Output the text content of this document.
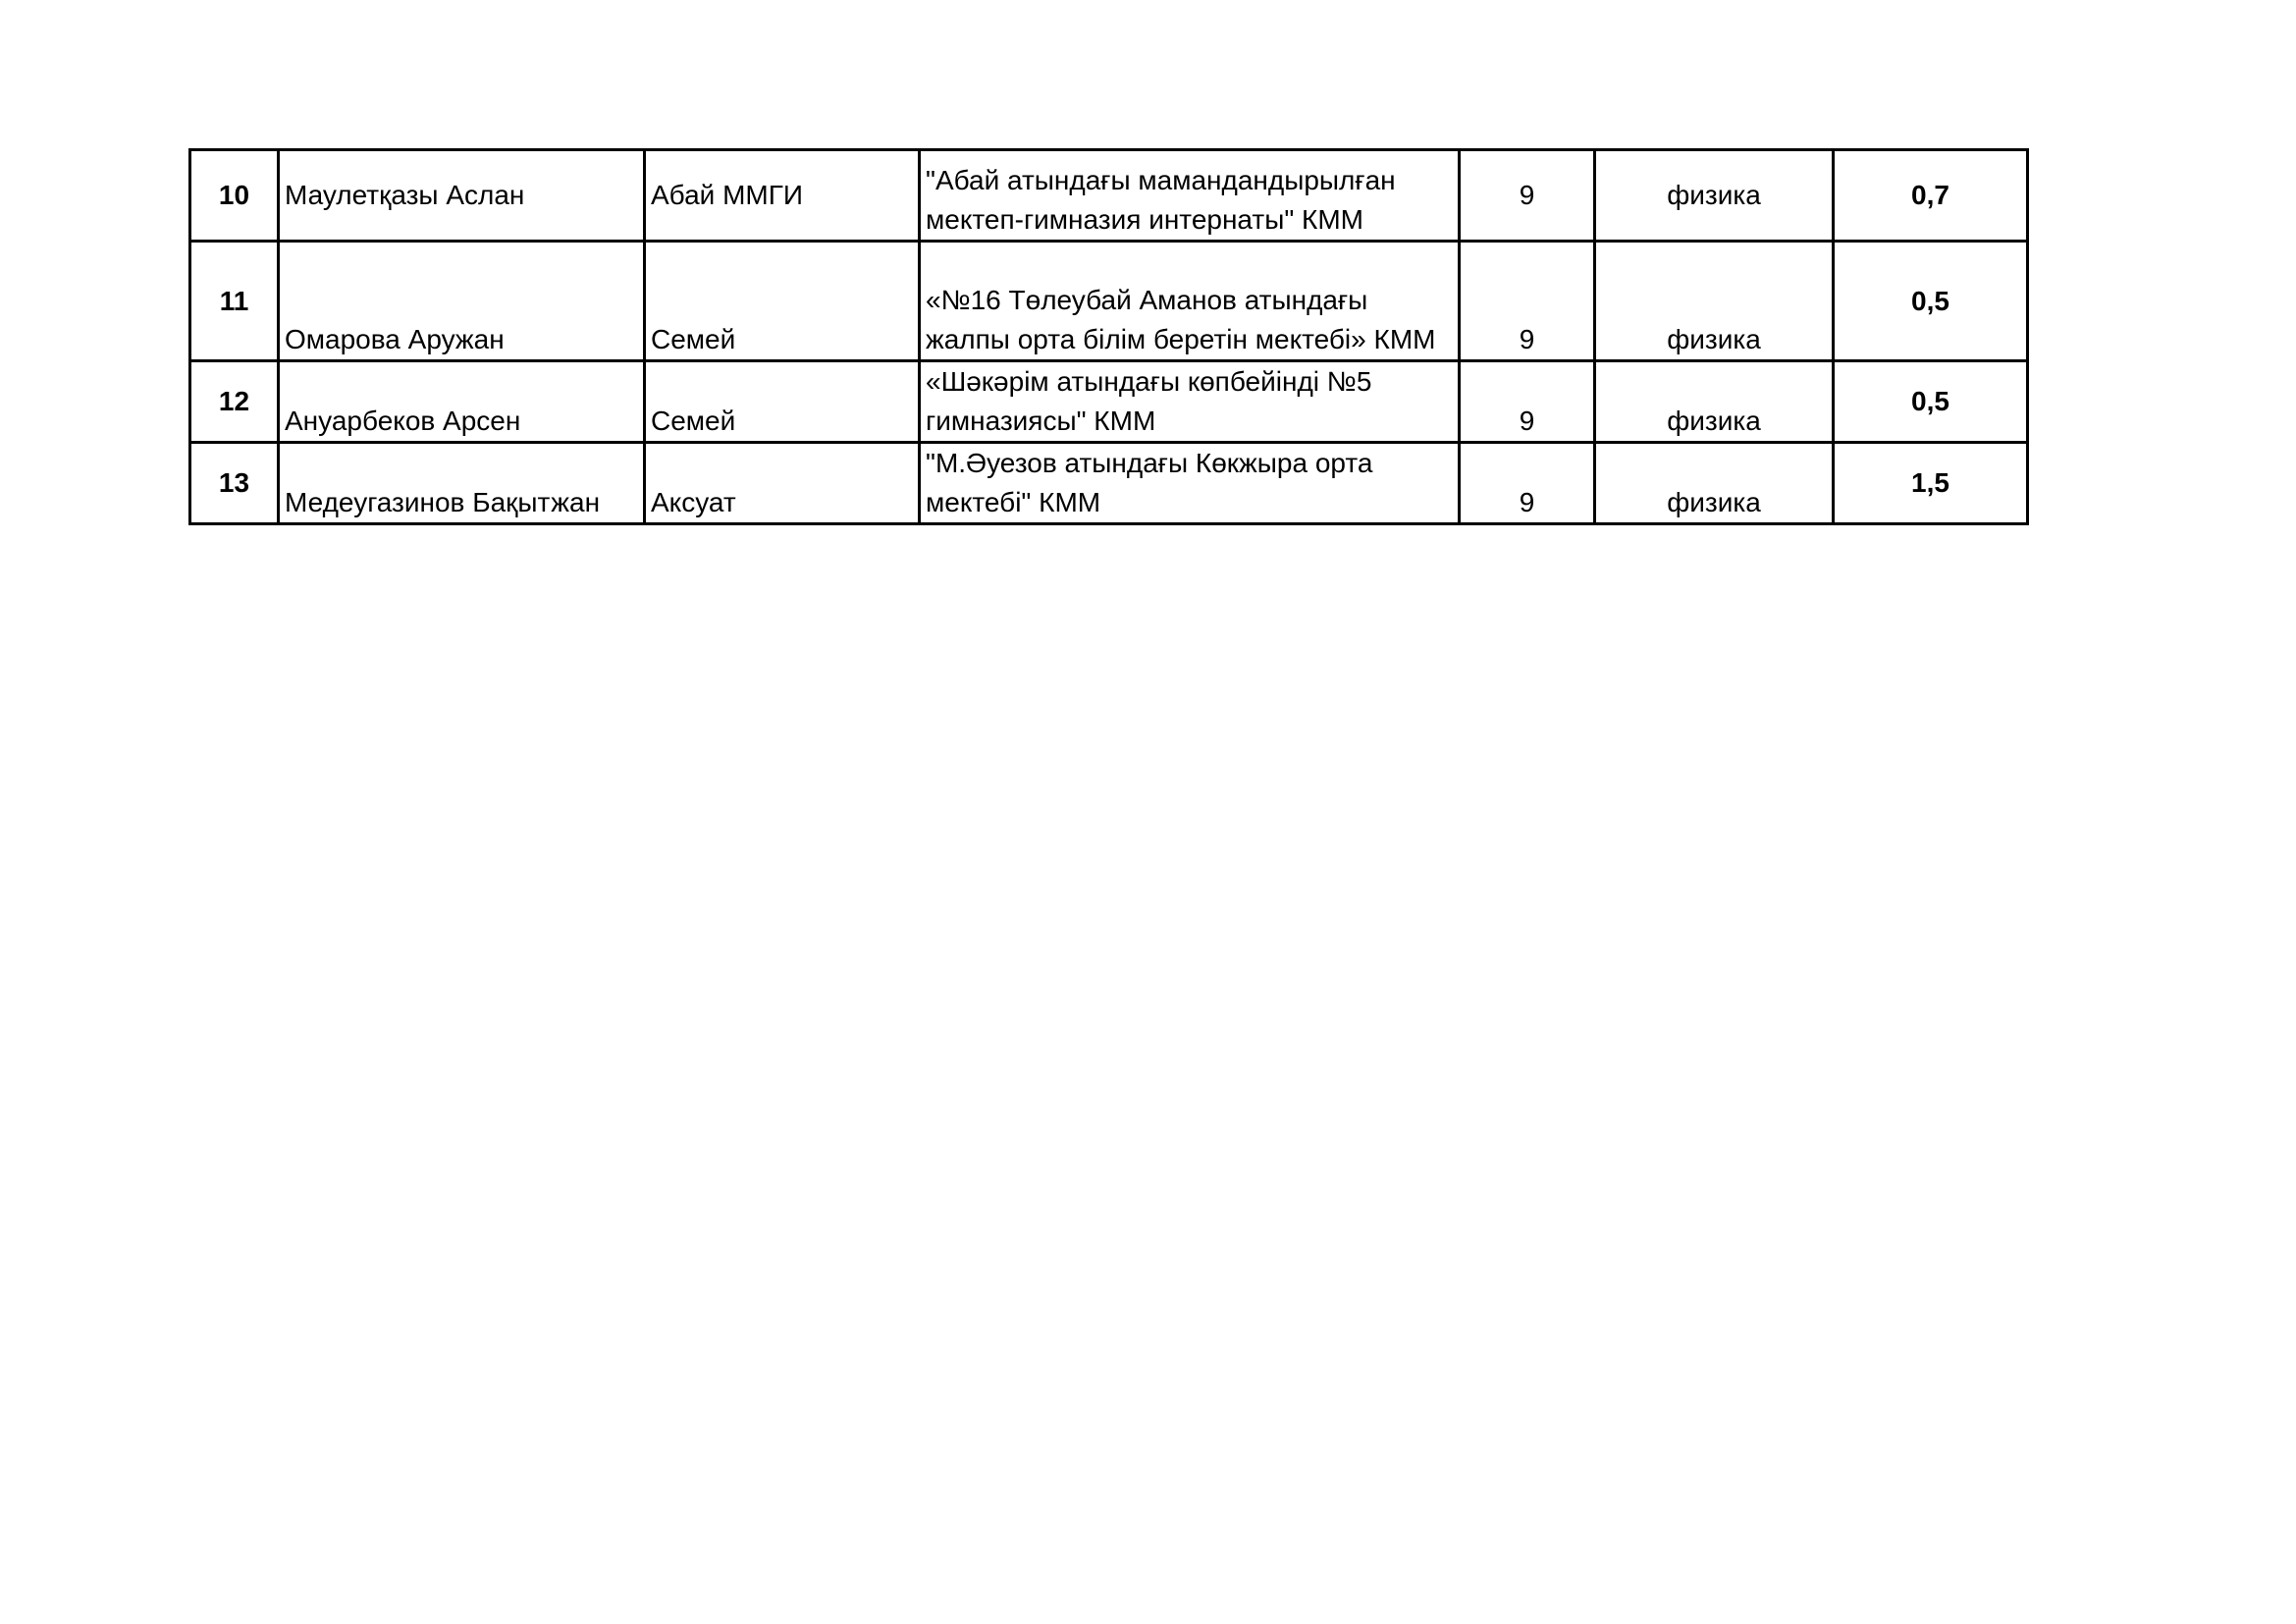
10	Маулетқазы Аслан	Абай ММГИ	"Абай атындағы мамандандырылған
мектеп-гимназия интернаты" КММ	9	физика	0,7
11	Омарова Аружан	Семей	«№16 Төлеубай Аманов атындағы
жалпы орта білім беретін мектебі» КММ	9	физика	0,5
12	Ануарбеков Арсен	Семей	«Шәкәрім атындағы көпбейінді №5
гимназиясы" КММ	9	физика	0,5
13	Медеугазинов Бақытжан	Аксуат	"М.Әуезов атындағы Көкжыра орта
мектебі" КММ	9	физика	1,5
